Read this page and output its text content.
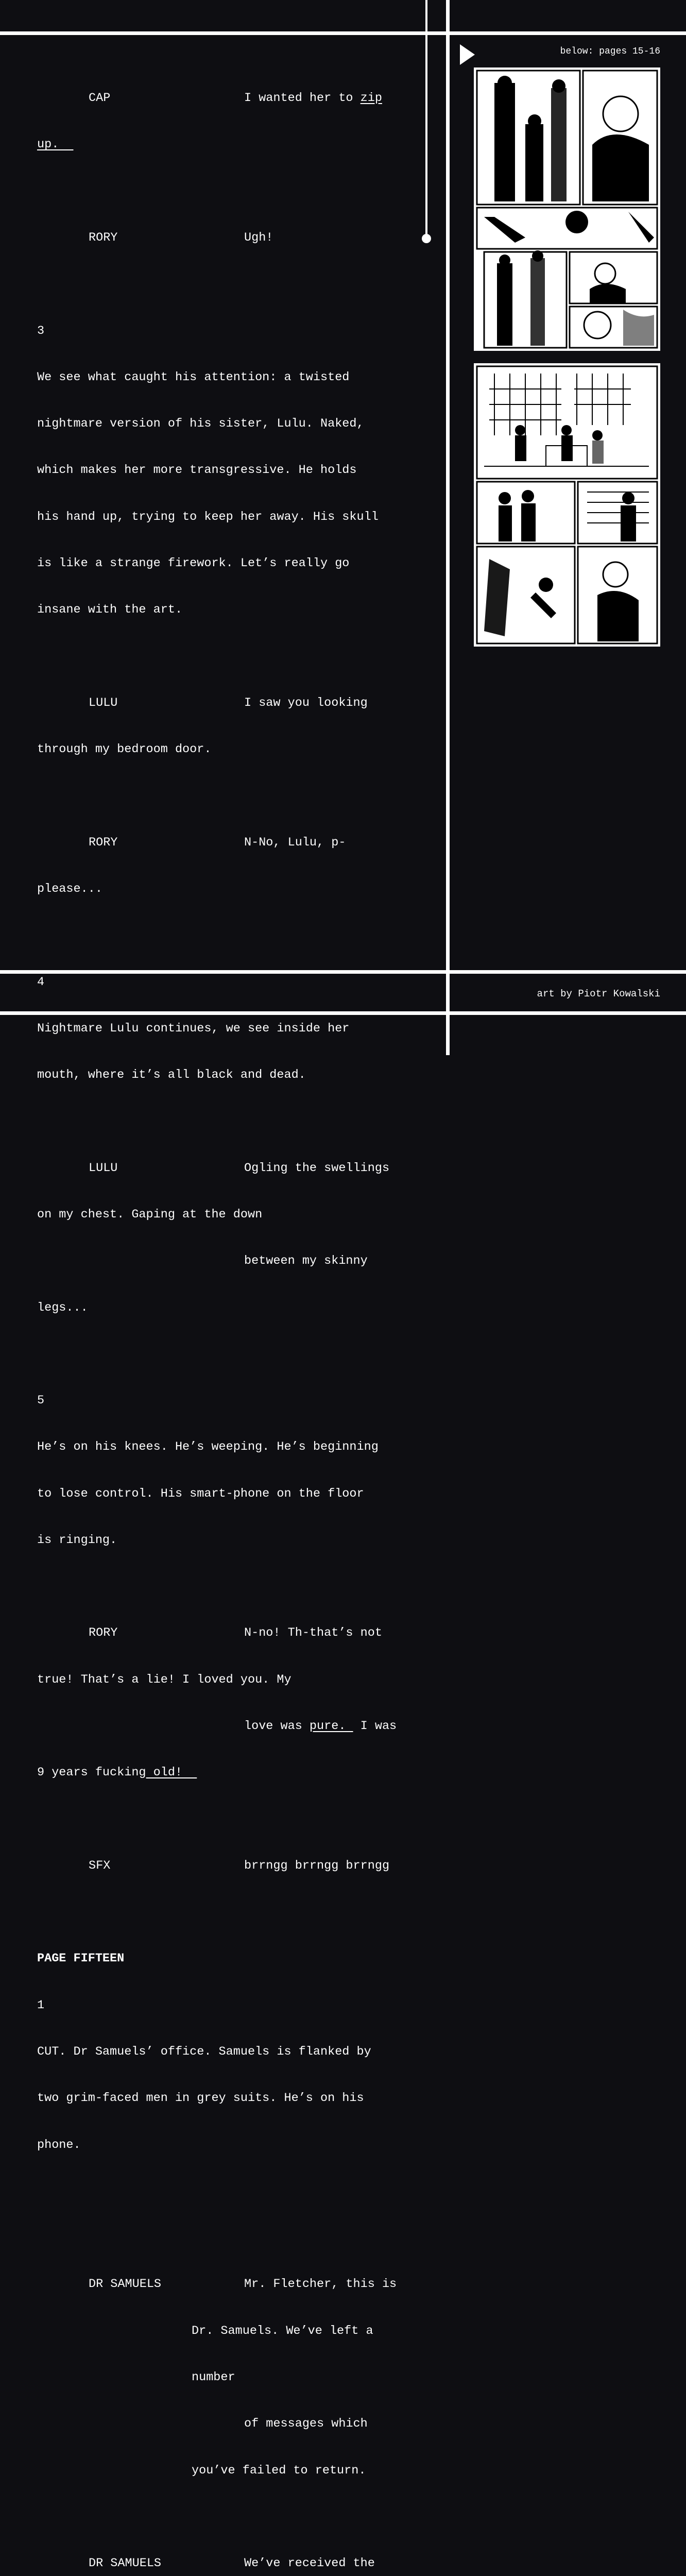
CAP	I wanted her to zip

up.

RORY	Ugh!

3

We see what caught his attention: a twisted

nightmare version of his sister, Lulu. Naked,

which makes her more transgressive. He holds

his hand up, trying to keep her away. His skull

is like a strange firework. Let’s really go

insane with the art.

LULU	I saw you looking

through my bedroom door.

RORY	N-No, Lulu, p-

please...

4

Nightmare Lulu continues, we see inside her

mouth, where it’s all black and dead.

LULU	Ogling the swellings

on my chest. Gaping at the down

between my skinny

legs...

5

He’s on his knees. He’s weeping. He’s beginning

to lose control. His smart-phone on the floor

is ringing.

RORY	N-no! Th-that’s not

true! That’s a lie! I loved you. My

love was pure.  I was

9 years fucking old!

SFX	brrngg brrngg brrngg

PAGE FIFTEEN

1

CUT. Dr Samuels’ office. Samuels is flanked by

two grim-faced men in grey suits. He’s on his

phone.

DR SAMUELS	Mr. Fletcher, this is

Dr. Samuels. We’ve left a

number

of messages which

you’ve failed to return.

DR SAMUELS	We’ve received the

below: pages 15-16
art by Piotr Kowalski
